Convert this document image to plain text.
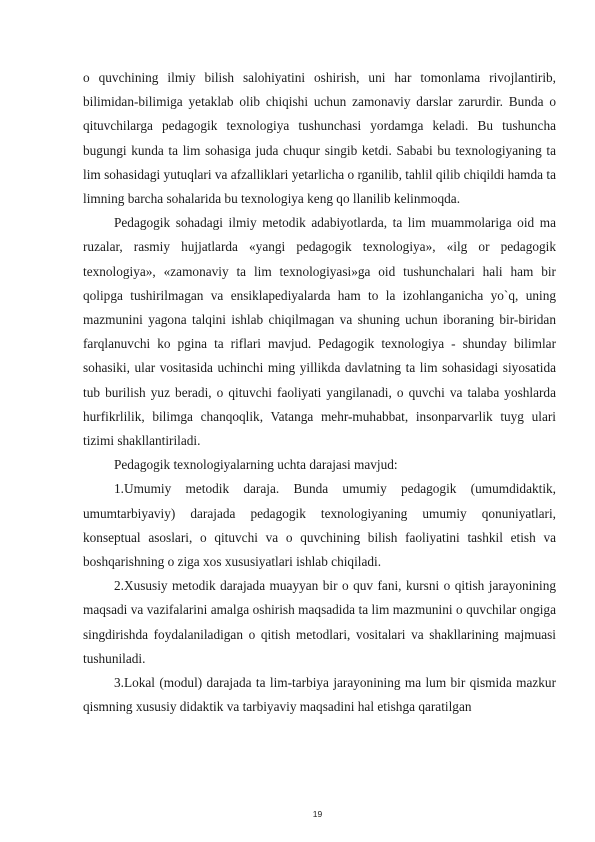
o quvchining ilmiy bilish salohiyatini oshirish, uni har tomonlama rivojlantirib, bilimidan-bilimiga yetaklab olib chiqishi uchun zamonaviy darslar zarurdir. Bunda o qituvchilarga pedagogik texnologiya tushunchasi yordamga keladi. Bu tushuncha bugungi kunda ta lim sohasiga juda chuqur singib ketdi. Sababi bu texnologiyaning ta lim sohasidagi yutuqlari va afzalliklari yetarlicha o rganilib, tahlil qilib chiqildi hamda ta limning barcha sohalarida bu texnologiya keng qo llanilib kelinmoqda.

Pedagogik sohadagi ilmiy metodik adabiyotlarda, ta lim muammolariga oid ma ruzalar, rasmiy hujjatlarda «yangi pedagogik texnologiya», «ilg or pedagogik texnologiya», «zamonaviy ta lim texnologiyasi»ga oid tushunchalari hali ham bir qolipga tushirilmagan va ensiklapediyalarda ham to la izohlanganicha yo`q, uning mazmunini yagona talqini ishlab chiqilmagan va shuning uchun iboraning bir-biridan farqlanuvchi ko pgina ta riflari mavjud. Pedagogik texnologiya - shunday bilimlar sohasiki, ular vositasida uchinchi ming yillikda davlatning ta lim sohasidagi siyosatida tub burilish yuz beradi, o qituvchi faoliyati yangilanadi, o quvchi va talaba yoshlarda hurfikrlilik, bilimga chanqoqlik, Vatanga mehr-muhabbat, insonparvarlik tuyg ulari tizimi shakllantiriladi.

Pedagogik texnologiyalarning uchta darajasi mavjud:

1.Umumiy metodik daraja. Bunda umumiy pedagogik (umumdidaktik, umumtarbiyaviy) darajada pedagogik texnologiyaning umumiy qonuniyatlari, konseptual asoslari, o qituvchi va o quvchining bilish faoliyatini tashkil etish va boshqarishning o ziga xos xususiyatlari ishlab chiqiladi.

2.Xususiy metodik darajada muayyan bir o quv fani, kursni o qitish jarayonining maqsadi va vazifalarini amalga oshirish maqsadida ta lim mazmunini o quvchilar ongiga singdirishda foydalaniladigan o qitish metodlari, vositalari va shakllarining majmuasi tushuniladi.

3.Lokal (modul) darajada ta lim-tarbiya jarayonining ma lum bir qismida mazkur qismning xususiy didaktik va tarbiyaviy maqsadini hal etishga qaratilgan

19
